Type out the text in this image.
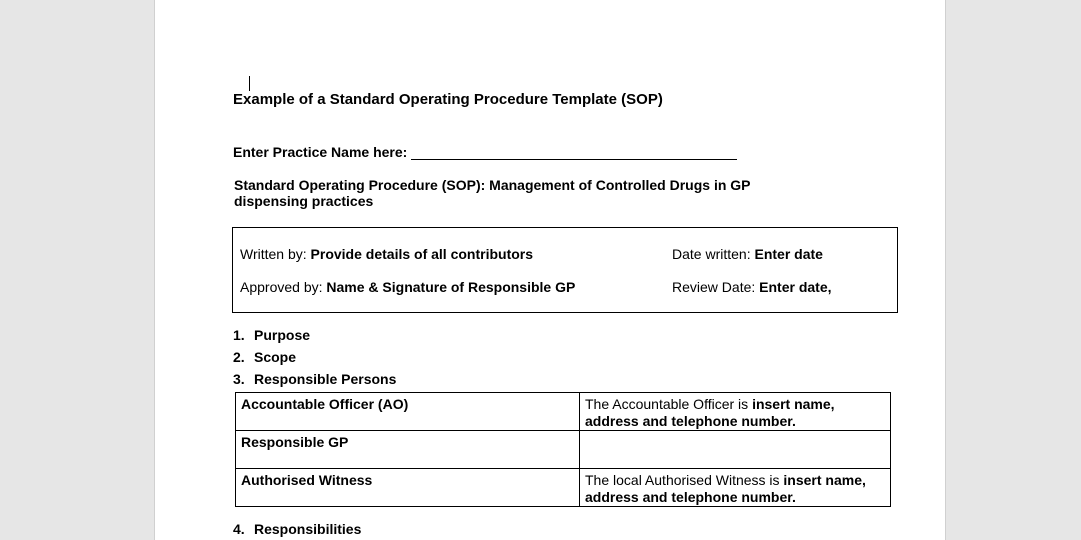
Example of a Standard Operating Procedure Template (SOP)
Enter Practice Name here:
Standard Operating Procedure (SOP): Management of Controlled Drugs in GP
dispensing practices
Written by: Provide details of all contributors	Date written: Enter date
Approved by: Name & Signature of Responsible GP	Review Date: Enter date,
1. Purpose
2. Scope
3. Responsible Persons
Accountable Officer (AO)	The Accountable Officer is insert name,
address and telephone number.
Responsible GP	
Authorised Witness	The local Authorised Witness is insert name,
address and telephone number.
4. Responsibilities
